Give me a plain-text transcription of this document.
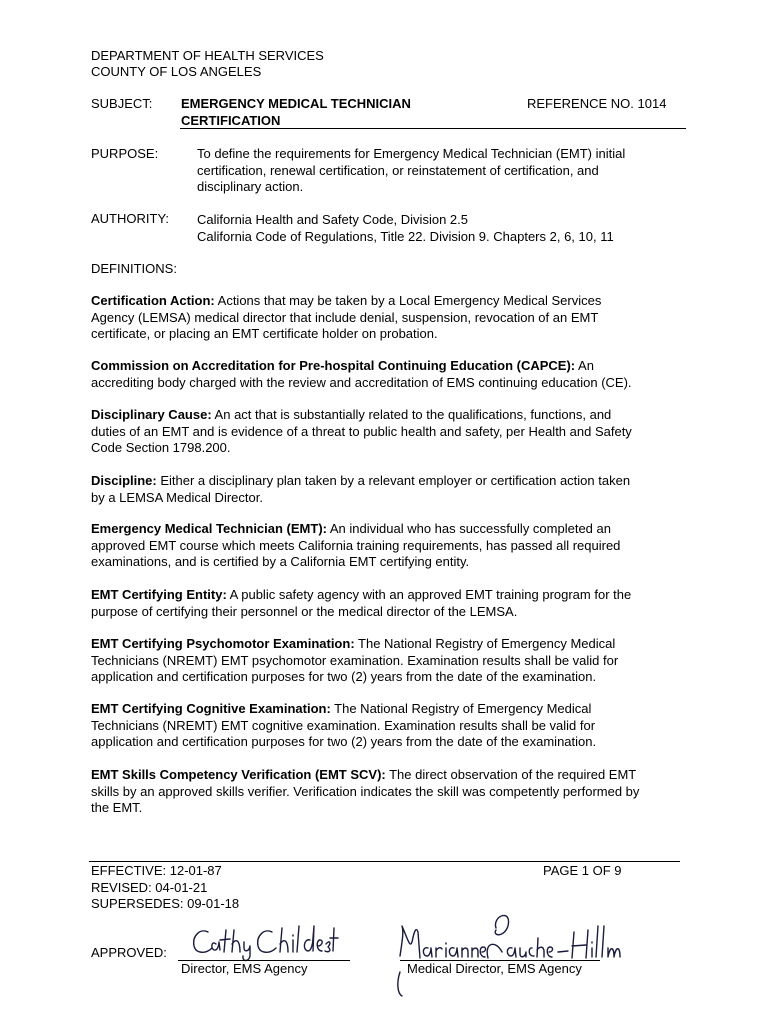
DEPARTMENT OF HEALTH SERVICES
COUNTY OF LOS ANGELES
SUBJECT: EMERGENCY MEDICAL TECHNICIAN
CERTIFICATION
REFERENCE NO. 1014
PURPOSE:	To define the requirements for Emergency Medical Technician (EMT) initial
certification, renewal certification, or reinstatement of certification, and
disciplinary action.
AUTHORITY: California Health and Safety Code, Division 2.5
California Code of Regulations, Title 22. Division 9. Chapters 2, 6, 10, 11
DEFINITIONS:
Certification Action: Actions that may be taken by a Local Emergency Medical Services
Agency (LEMSA) medical director that include denial, suspension, revocation of an EMT
certificate, or placing an EMT certificate holder on probation.
Commission on Accreditation for Pre-hospital Continuing Education (CAPCE): An
accrediting body charged with the review and accreditation of EMS continuing education (CE).
Disciplinary Cause: An act that is substantially related to the qualifications, functions, and
duties of an EMT and is evidence of a threat to public health and safety, per Health and Safety
Code Section 1798.200.
Discipline: Either a disciplinary plan taken by a relevant employer or certification action taken
by a LEMSA Medical Director.
Emergency Medical Technician (EMT): An individual who has successfully completed an
approved EMT course which meets California training requirements, has passed all required
examinations, and is certified by a California EMT certifying entity.
EMT Certifying Entity: A public safety agency with an approved EMT training program for the
purpose of certifying their personnel or the medical director of the LEMSA.
EMT Certifying Psychomotor Examination: The National Registry of Emergency Medical
Technicians (NREMT) EMT psychomotor examination. Examination results shall be valid for
application and certification purposes for two (2) years from the date of the examination.
EMT Certifying Cognitive Examination: The National Registry of Emergency Medical
Technicians (NREMT) EMT cognitive examination. Examination results shall be valid for
application and certification purposes for two (2) years from the date of the examination.
EMT Skills Competency Verification (EMT SCV): The direct observation of the required EMT
skills by an approved skills verifier. Verification indicates the skill was competently performed by
the EMT.
EFFECTIVE: 12-01-87
REVISED: 04-01-21
SUPERSEDES: 09-01-18
PAGE 1 OF 9
APPROVED:
Director, EMS Agency	Medical Director, EMS Agency
